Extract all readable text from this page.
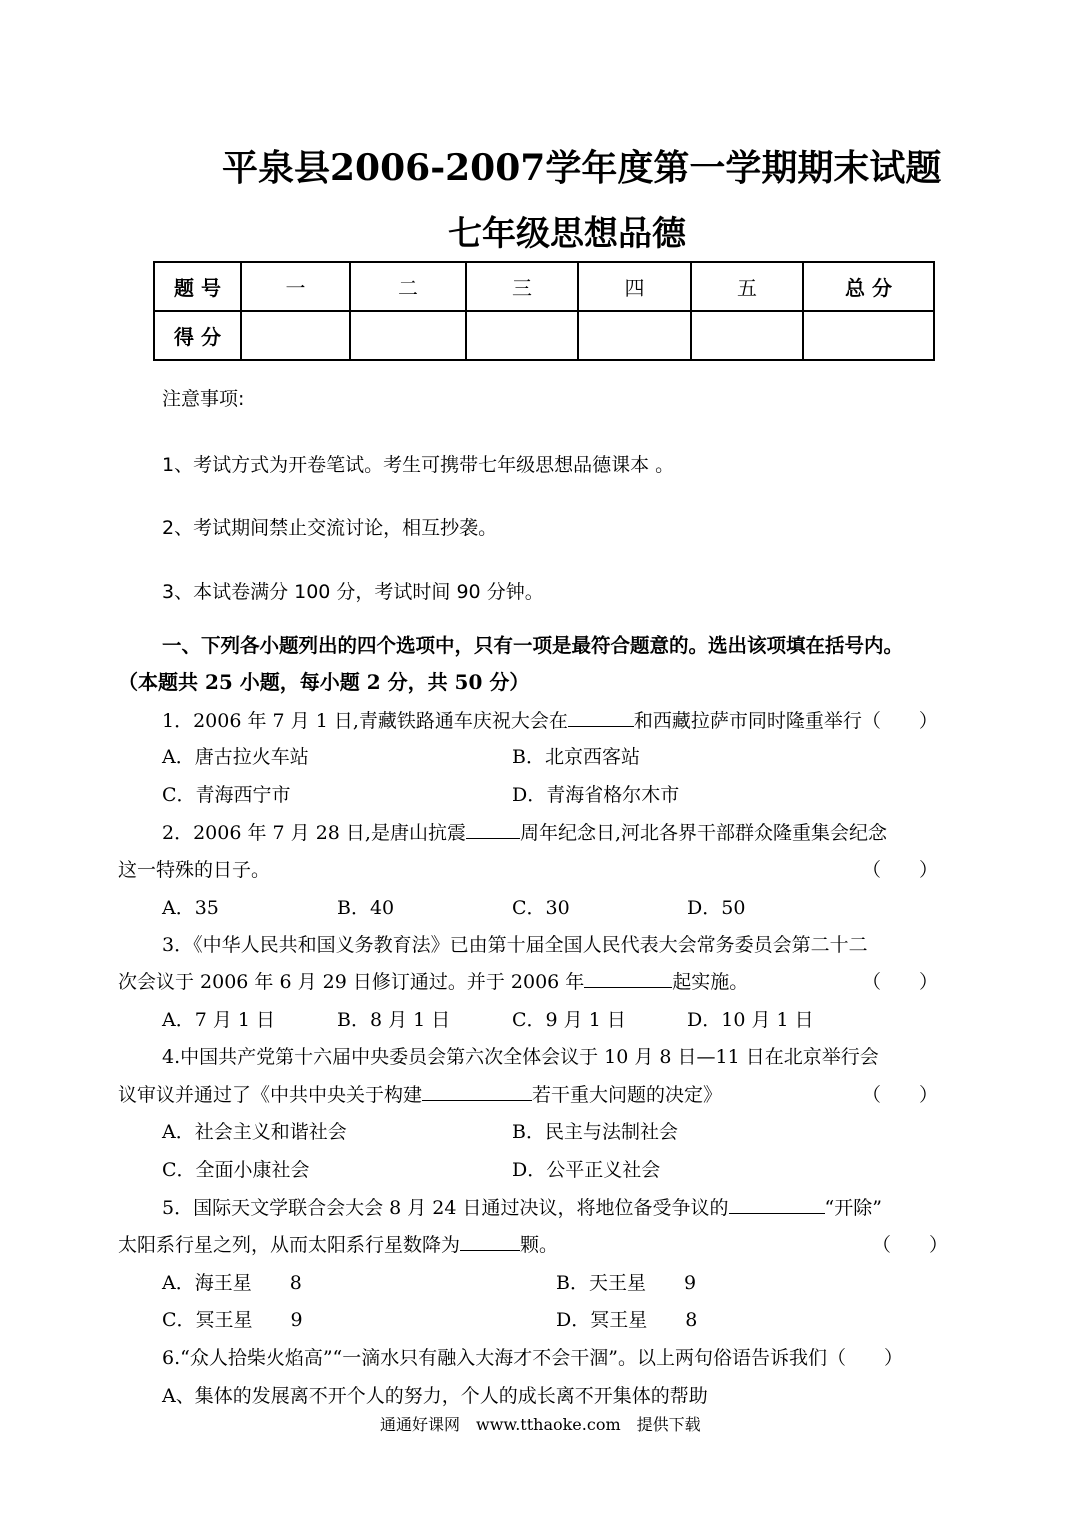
平泉县2006-2007学年度第一学期期末试题
七年级思想品德
题 号	一	二	三	四	五	总 分
得 分						
注意事项:
1、考试方式为开卷笔试。考生可携带七年级思想品德课本 。
2、考试期间禁止交流讨论，相互抄袭。
3、本试卷满分 100 分，考试时间 90 分钟。
一、下列各小题列出的四个选项中，只有一项是最符合题意的。选出该项填在括号内。
（本题共 25 小题，每小题 2 分，共 50 分）
1．2006 年 7 月 1 日,青藏铁路通车庆祝大会在	和西藏拉萨市同时隆重举行（　　）
A．唐古拉火车站	B．北京西客站
C．青海西宁市	D．青海省格尔木市
2．2006 年 7 月 28 日,是唐山抗震	周年纪念日,河北各界干部群众隆重集会纪念
这一特殊的日子。	（　　）
A．35	B．40	C．30	D．50
3．《中华人民共和国义务教育法》已由第十届全国人民代表大会常务委员会第二十二
次会议于 2006 年 6 月 29 日修订通过。并于 2006 年	起实施。	（　　）
A．7 月 1 日	B．8 月 1 日	C．9 月 1 日	D．10 月 1 日
4.中国共产党第十六届中央委员会第六次全体会议于 10 月 8 日—11 日在北京举行会
议审议并通过了《中共中央关于构建	若干重大问题的决定》	（　　）
A．社会主义和谐社会	B．民主与法制社会
C．全面小康社会	D．公平正义社会
5．国际天文学联合会大会 8 月 24 日通过决议，将地位备受争议的	“开除”
太阳系行星之列，从而太阳系行星数降为	颗。	（　　）
A．海王星　　8	B．天王星　　9
C．冥王星　　9	D．冥王星　　8
6.“众人拾柴火焰高”“一滴水只有融入大海才不会干涸”。以上两句俗语告诉我们（　　）
A、集体的发展离不开个人的努力，个人的成长离不开集体的帮助
通通好课网　www.tthaoke.com　提供下载
